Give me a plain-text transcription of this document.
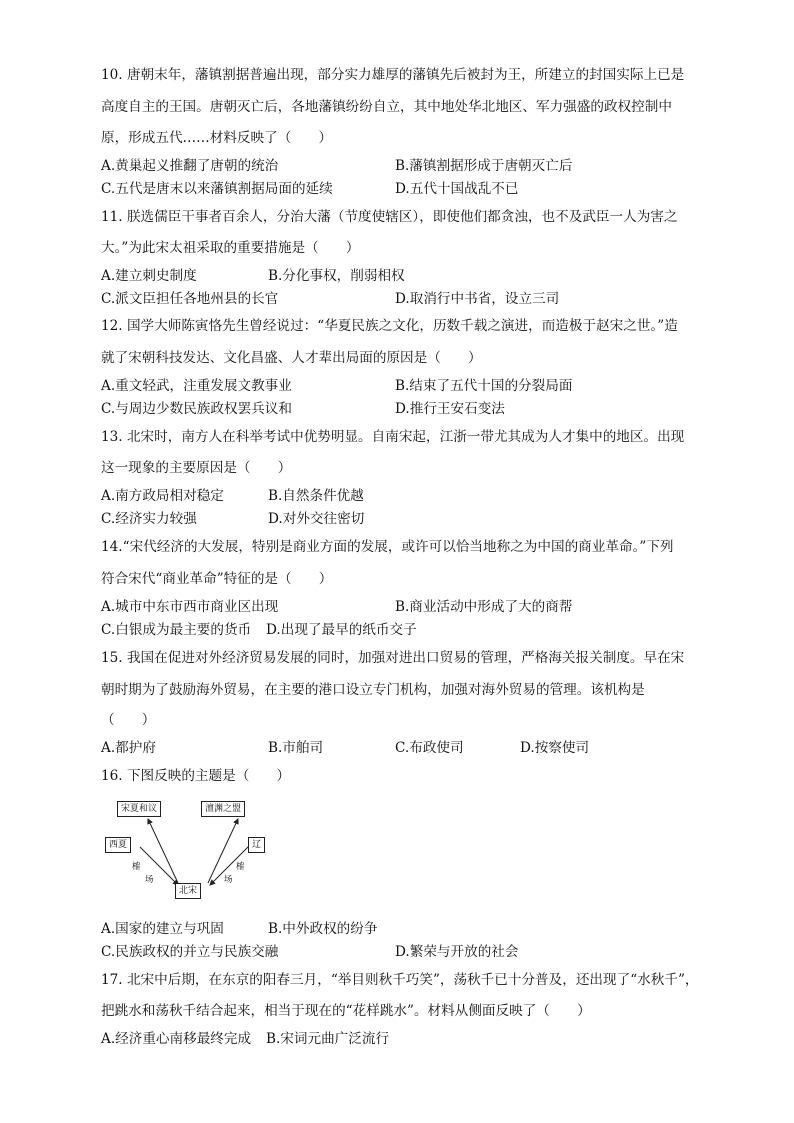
10. 唐朝末年，藩镇割据普遍出现，部分实力雄厚的藩镇先后被封为王，所建立的封国实际上已是
高度自主的王国。唐朝灭亡后，各地藩镇纷纷自立，其中地处华北地区、军力强盛的政权控制中
原，形成五代……材料反映了（　　）
A.黄巢起义推翻了唐朝的统治	B.藩镇割据形成于唐朝灭亡后
C.五代是唐末以来藩镇割据局面的延续	D.五代十国战乱不已
11. 朕选儒臣干事者百余人，分治大藩（节度使辖区），即使他们都贪浊，也不及武臣一人为害之
大。”为此宋太祖采取的重要措施是（　　）
A.建立刺史制度	B.分化事权，削弱相权
C.派文臣担任各地州县的长官	D.取消行中书省，设立三司
12. 国学大师陈寅恪先生曾经说过：“华夏民族之文化，历数千载之演进，而造极于赵宋之世。”造
就了宋朝科技发达、文化昌盛、人才辈出局面的原因是（　　）
A.重文轻武，注重发展文教事业	B.结束了五代十国的分裂局面
C.与周边少数民族政权罢兵议和	D.推行王安石变法
13. 北宋时，南方人在科举考试中优势明显。自南宋起，江浙一带尤其成为人才集中的地区。出现
这一现象的主要原因是（　　）
A.南方政局相对稳定	B.自然条件优越
C.经济实力较强	D.对外交往密切
14.“宋代经济的大发展，特别是商业方面的发展，或许可以恰当地称之为中国的商业革命。”下列
符合宋代“商业革命”特征的是（　　）
A.城市中东市西市商业区出现	B.商业活动中形成了大的商帮
C.白银成为最主要的货币 D.出现了最早的纸币交子
15. 我国在促进对外经济贸易发展的同时，加强对进出口贸易的管理，严格海关报关制度。早在宋
朝时期为了鼓励海外贸易，在主要的港口设立专门机构，加强对海外贸易的管理。该机构是
（　　）
A.都护府	B.市舶司	C.布政使司	D.按察使司
16. 下图反映的主题是（　　）
宋夏和议	澶渊之盟
西夏	辽
北宋
榷
场
榷
场
A.国家的建立与巩固	B.中外政权的纷争
C.民族政权的并立与民族交融	D.繁荣与开放的社会
17. 北宋中后期，在东京的阳春三月，“举目则秋千巧笑”，荡秋千已十分普及，还出现了“水秋千”，
把跳水和荡秋千结合起来，相当于现在的“花样跳水”。材料从侧面反映了（　　）
A.经济重心南移最终完成 B.宋词元曲广泛流行
